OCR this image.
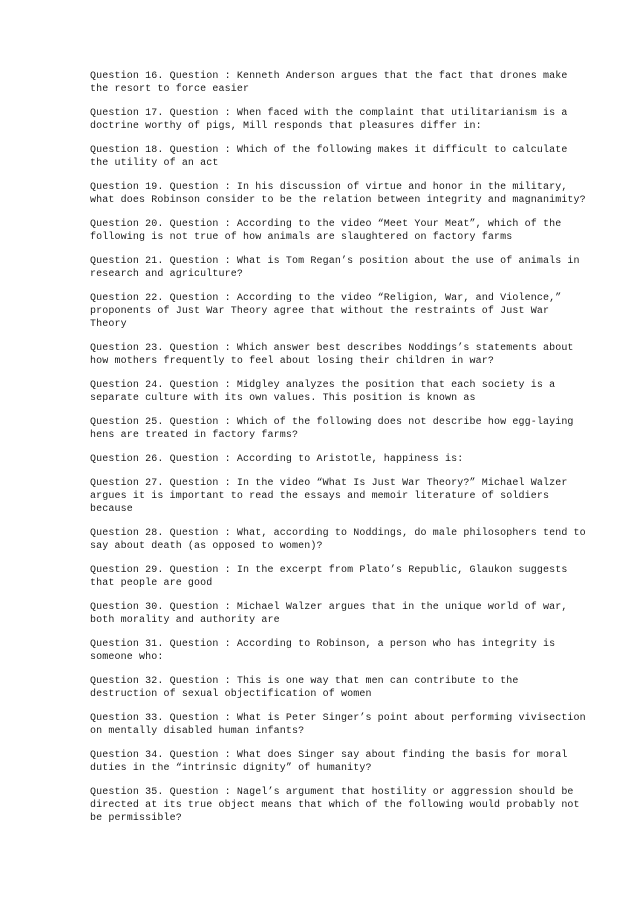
Question 16. Question : Kenneth Anderson argues that the fact that drones make the resort to force easier

Question 17. Question : When faced with the complaint that utilitarianism is a doctrine worthy of pigs, Mill responds that pleasures differ in:

Question 18. Question : Which of the following makes it difficult to calculate the utility of an act

Question 19. Question : In his discussion of virtue and honor in the military, what does Robinson consider to be the relation between integrity and magnanimity?

Question 20. Question : According to the video “Meet Your Meat”, which of the following is not true of how animals are slaughtered on factory farms

Question 21. Question : What is Tom Regan’s position about the use of animals in research and agriculture?

Question 22. Question : According to the video “Religion, War, and Violence,” proponents of Just War Theory agree that without the restraints of Just War Theory

Question 23. Question : Which answer best describes Noddings’s statements about how mothers frequently to feel about losing their children in war?

Question 24. Question : Midgley analyzes the position that each society is a separate culture with its own values. This position is known as

Question 25. Question : Which of the following does not describe how egg-laying hens are treated in factory farms?

Question 26. Question : According to Aristotle, happiness is:

Question 27. Question : In the video “What Is Just War Theory?” Michael Walzer argues it is important to read the essays and memoir literature of soldiers because

Question 28. Question : What, according to Noddings, do male philosophers tend to say about death (as opposed to women)?

Question 29. Question : In the excerpt from Plato’s Republic, Glaukon suggests that people are good

Question 30. Question : Michael Walzer argues that in the unique world of war, both morality and authority are

Question 31. Question : According to Robinson, a person who has integrity is someone who:

Question 32. Question : This is one way that men can contribute to the destruction of sexual objectification of women

Question 33. Question : What is Peter Singer’s point about performing vivisection on mentally disabled human infants?

Question 34. Question : What does Singer say about finding the basis for moral duties in the “intrinsic dignity” of humanity?

Question 35. Question : Nagel’s argument that hostility or aggression should be directed at its true object means that which of the following would probably not be permissible?
